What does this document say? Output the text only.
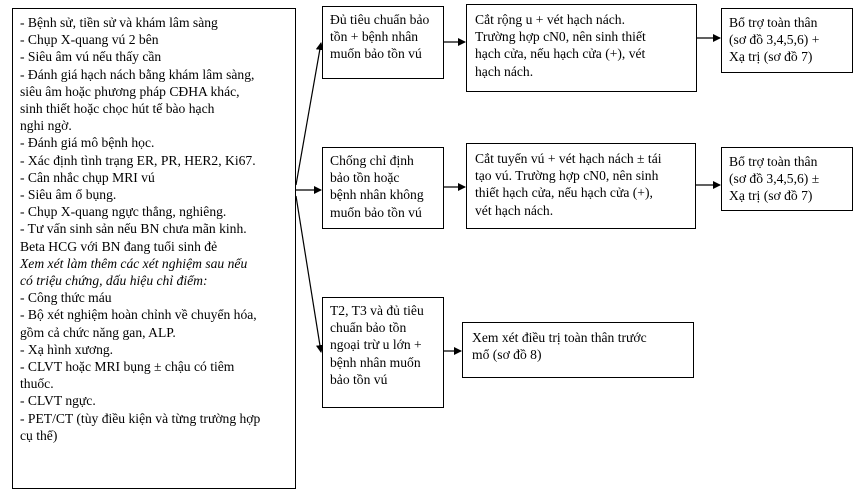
- Bệnh sử, tiền sử và khám lâm sàng
- Chụp X-quang vú 2 bên
- Siêu âm vú nếu thấy cần
- Đánh giá hạch nách bằng khám lâm sàng,
siêu âm hoặc phương pháp CĐHA khác,
sinh thiết hoặc chọc hút tế bào hạch
nghi ngờ.
- Đánh giá mô bệnh học.
- Xác định tình trạng ER, PR, HER2, Ki67.
- Cân nhắc chụp MRI vú
- Siêu âm ổ bụng.
- Chụp X-quang ngực thẳng, nghiêng.
- Tư vấn sinh sản nếu BN chưa mãn kinh.
Beta HCG với BN đang tuổi sinh đẻ
Xem xét làm thêm các xét nghiệm sau nếu
có triệu chứng, dấu hiệu chỉ điểm:
- Công thức máu
- Bộ xét nghiệm hoàn chỉnh về chuyển hóa,
gồm cả chức năng gan, ALP.
- Xạ hình xương.
- CLVT hoặc MRI bụng ± chậu có tiêm
thuốc.
- CLVT ngực.
- PET/CT (tùy điều kiện và từng trường hợp
cụ thể)
Đủ tiêu chuẩn bảo
tồn + bệnh nhân
muốn bảo tồn vú
Chống chỉ định
bảo tồn hoặc
bệnh nhân không
muốn bảo tồn vú
T2, T3 và đủ tiêu
chuẩn bảo tồn
ngoại trừ u lớn +
bệnh nhân muốn
bảo tồn vú
Cắt rộng u + vét hạch nách.
Trường hợp cN0, nên sinh thiết
hạch cửa, nếu hạch cửa (+), vét
hạch nách.
Cắt tuyến vú + vét hạch nách ± tái
tạo vú. Trường hợp cN0, nên sinh
thiết hạch cửa, nếu hạch cửa (+),
vét hạch nách.
Xem xét điều trị toàn thân trước
mổ (sơ đồ 8)
Bổ trợ toàn thân
(sơ đồ 3,4,5,6) +
Xạ trị (sơ đồ 7)
Bổ trợ toàn thân
(sơ đồ 3,4,5,6) ±
Xạ trị (sơ đồ 7)
